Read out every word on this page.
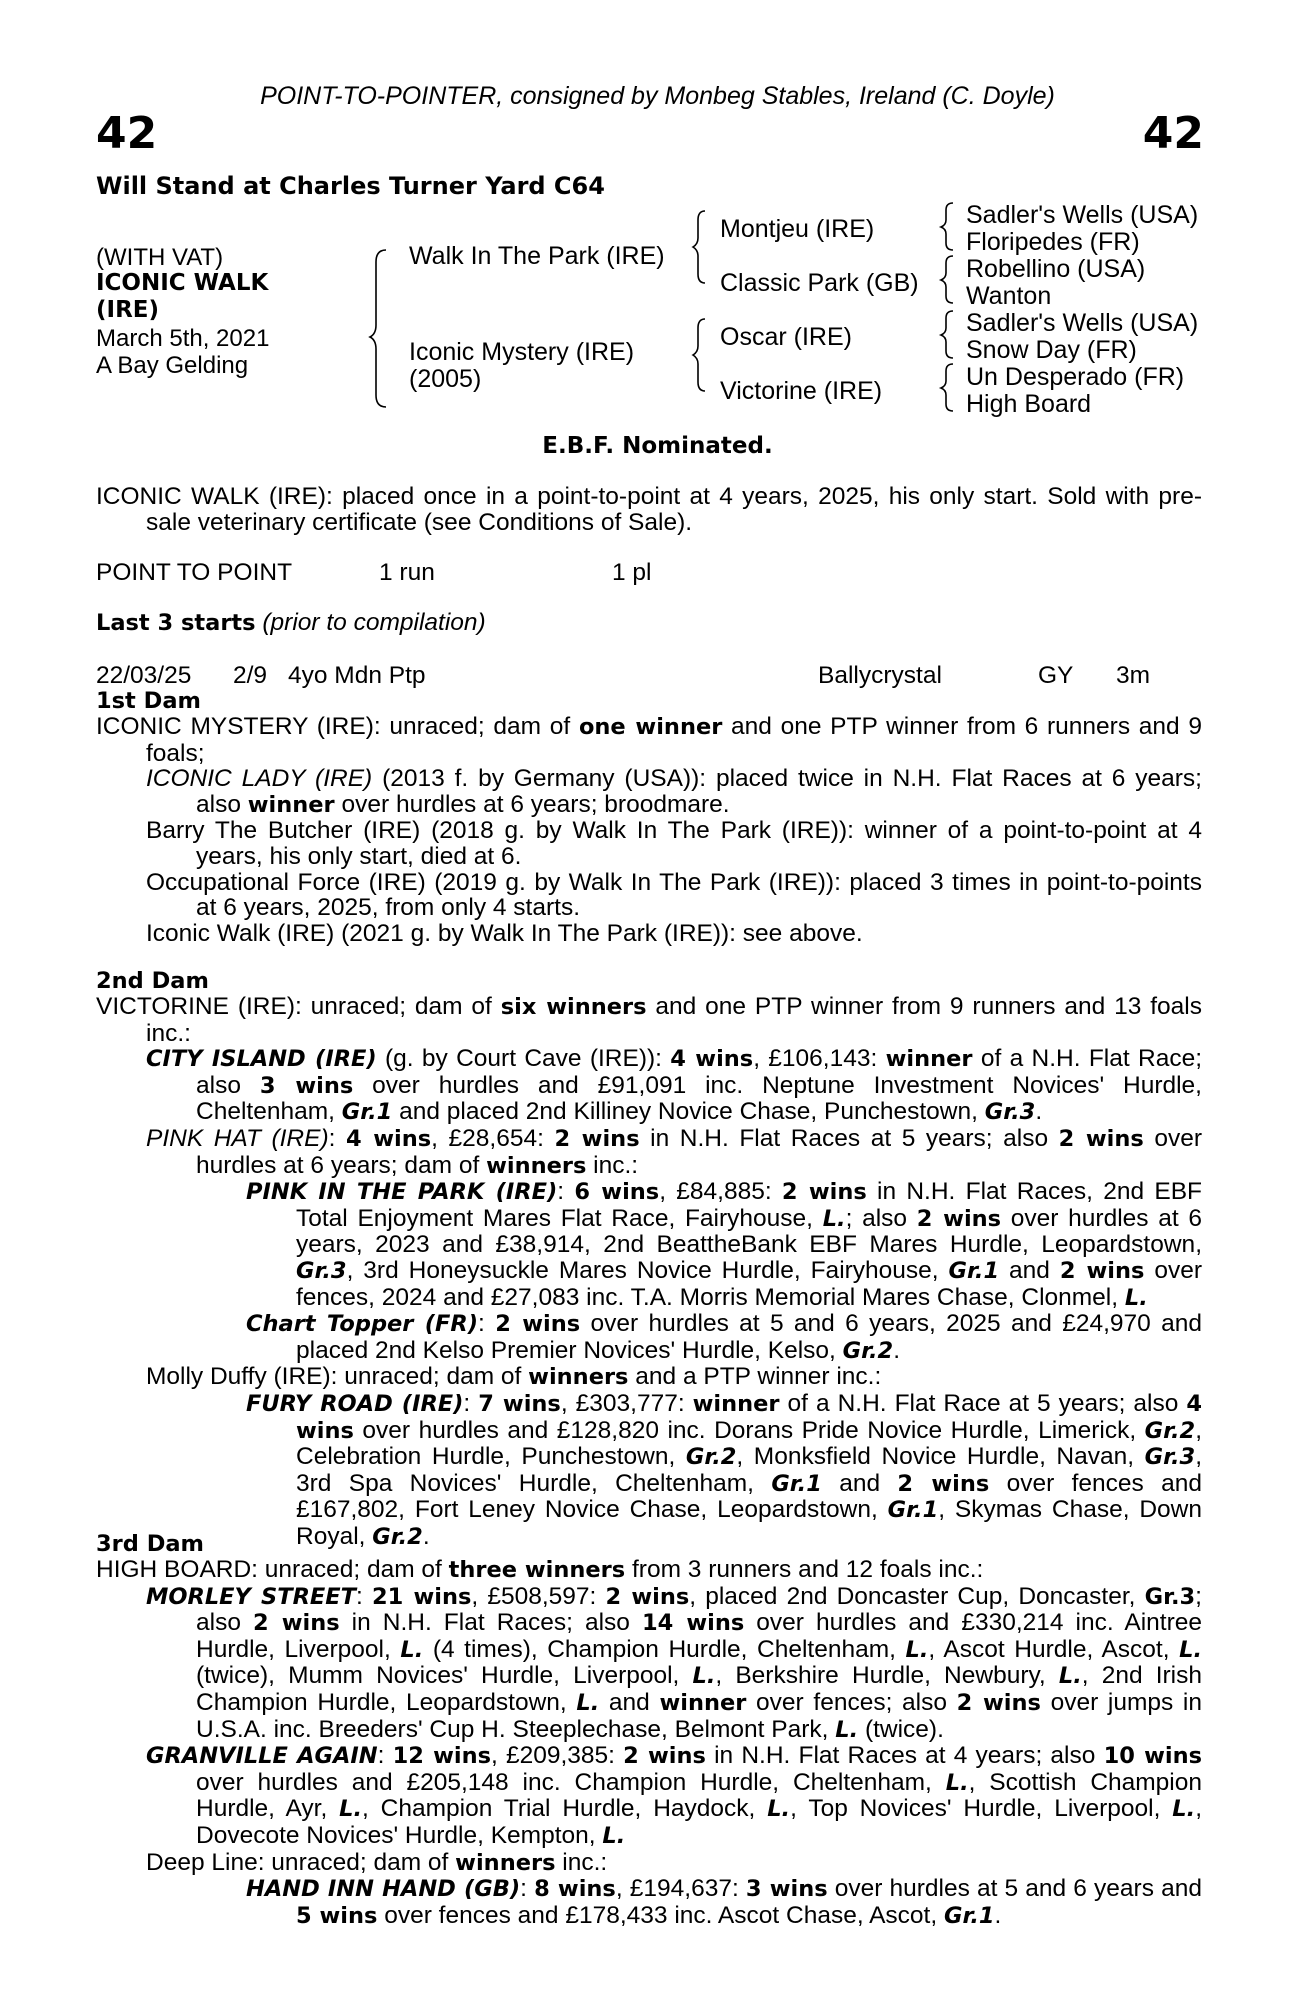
POINT-TO-POINTER, consigned by Monbeg Stables, Ireland (C. Doyle)
42	42
Will Stand at Charles Turner Yard C64
(WITH VAT)
ICONIC WALK
(IRE)
March 5th, 2021
A Bay Gelding
Walk In The Park (IRE)
Iconic Mystery (IRE)
(2005)
Montjeu (IRE)
Classic Park (GB)
Oscar (IRE)
Victorine (IRE)
Sadler's Wells (USA)
Floripedes (FR)
Robellino (USA)
Wanton
Sadler's Wells (USA)
Snow Day (FR)
Un Desperado (FR)
High Board
E.B.F. Nominated.

ICONIC WALK (IRE): placed once in a point-to-point at 4 years, 2025, his only start. Sold with pre-sale veterinary certificate (see Conditions of Sale).

POINT TO POINT	1 run	1 pl
Last 3 starts (prior to compilation)
22/03/25 2/9 4yo Mdn Ptp	Ballycrystal	GY 3m

1st Dam

ICONIC MYSTERY (IRE): unraced; dam of one winner and one PTP winner from 6 runners and 9 foals;

ICONIC LADY (IRE) (2013 f. by Germany (USA)): placed twice in N.H. Flat Races at 6 years; also winner over hurdles at 6 years; broodmare.

Barry The Butcher (IRE) (2018 g. by Walk In The Park (IRE)): winner of a point-to-point at 4 years, his only start, died at 6.

Occupational Force (IRE) (2019 g. by Walk In The Park (IRE)): placed 3 times in point-to-points at 6 years, 2025, from only 4 starts.

Iconic Walk (IRE) (2021 g. by Walk In The Park (IRE)): see above.

2nd Dam

VICTORINE (IRE): unraced; dam of six winners and one PTP winner from 9 runners and 13 foals inc.:

CITY ISLAND (IRE) (g. by Court Cave (IRE)): 4 wins, £106,143: winner of a N.H. Flat Race; also 3 wins over hurdles and £91,091 inc. Neptune Investment Novices' Hurdle, Cheltenham, Gr.1 and placed 2nd Killiney Novice Chase, Punchestown, Gr.3.

PINK HAT (IRE): 4 wins, £28,654: 2 wins in N.H. Flat Races at 5 years; also 2 wins over hurdles at 6 years; dam of winners inc.:

PINK IN THE PARK (IRE): 6 wins, £84,885: 2 wins in N.H. Flat Races, 2nd EBF Total Enjoyment Mares Flat Race, Fairyhouse, L.; also 2 wins over hurdles at 6 years, 2023 and £38,914, 2nd BeattheBank EBF Mares Hurdle, Leopardstown, Gr.3, 3rd Honeysuckle Mares Novice Hurdle, Fairyhouse, Gr.1 and 2 wins over fences, 2024 and £27,083 inc. T.A. Morris Memorial Mares Chase, Clonmel, L.

Chart Topper (FR): 2 wins over hurdles at 5 and 6 years, 2025 and £24,970 and placed 2nd Kelso Premier Novices' Hurdle, Kelso, Gr.2.

Molly Duffy (IRE): unraced; dam of winners and a PTP winner inc.:

FURY ROAD (IRE): 7 wins, £303,777: winner of a N.H. Flat Race at 5 years; also 4 wins over hurdles and £128,820 inc. Dorans Pride Novice Hurdle, Limerick, Gr.2, Celebration Hurdle, Punchestown, Gr.2, Monksfield Novice Hurdle, Navan, Gr.3, 3rd Spa Novices' Hurdle, Cheltenham, Gr.1 and 2 wins over fences and £167,802, Fort Leney Novice Chase, Leopardstown, Gr.1, Skymas Chase, Down Royal, Gr.2.

3rd Dam

HIGH BOARD: unraced; dam of three winners from 3 runners and 12 foals inc.:

MORLEY STREET: 21 wins, £508,597: 2 wins, placed 2nd Doncaster Cup, Doncaster, Gr.3; also 2 wins in N.H. Flat Races; also 14 wins over hurdles and £330,214 inc. Aintree Hurdle, Liverpool, L. (4 times), Champion Hurdle, Cheltenham, L., Ascot Hurdle, Ascot, L. (twice), Mumm Novices' Hurdle, Liverpool, L., Berkshire Hurdle, Newbury, L., 2nd Irish Champion Hurdle, Leopardstown, L. and winner over fences; also 2 wins over jumps in U.S.A. inc. Breeders' Cup H. Steeplechase, Belmont Park, L. (twice).

GRANVILLE AGAIN: 12 wins, £209,385: 2 wins in N.H. Flat Races at 4 years; also 10 wins over hurdles and £205,148 inc. Champion Hurdle, Cheltenham, L., Scottish Champion Hurdle, Ayr, L., Champion Trial Hurdle, Haydock, L., Top Novices' Hurdle, Liverpool, L., Dovecote Novices' Hurdle, Kempton, L.

Deep Line: unraced; dam of winners inc.:

HAND INN HAND (GB): 8 wins, £194,637: 3 wins over hurdles at 5 and 6 years and 5 wins over fences and £178,433 inc. Ascot Chase, Ascot, Gr.1.
